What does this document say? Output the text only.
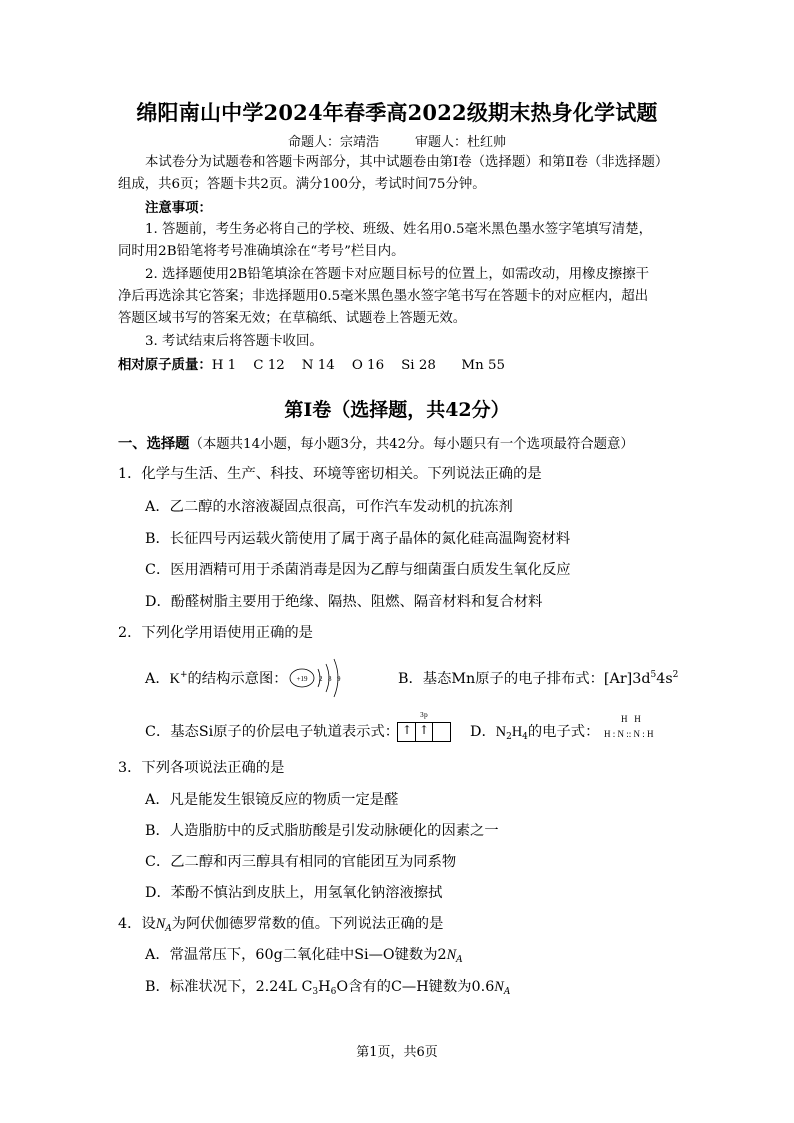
绵阳南山中学2024年春季高2022级期末热身化学试题
命题人：宗靖浩	审题人：杜红帅
本试卷分为试题卷和答题卡两部分，其中试题卷由第Ⅰ卷（选择题）和第Ⅱ卷（非选择题）
组成，共6页；答题卡共2页。满分100分，考试时间75分钟。
注意事项：
1. 答题前，考生务必将自己的学校、班级、姓名用0.5毫米黑色墨水签字笔填写清楚，
同时用2B铅笔将考号准确填涂在“考号”栏目内。
2. 选择题使用2B铅笔填涂在答题卡对应题目标号的位置上，如需改动，用橡皮擦擦干
净后再选涂其它答案；非选择题用0.5毫米黑色墨水签字笔书写在答题卡的对应框内，超出
答题区域书写的答案无效；在草稿纸、试题卷上答题无效。
3. 考试结束后将答题卡收回。
相对原子质量：H 1    C 12    N 14    O 16    Si 28      Mn 55
第Ⅰ卷（选择题，共42分）
一、选择题（本题共14小题，每小题3分，共42分。每小题只有一个选项最符合题意）
1．化学与生活、生产、科技、环境等密切相关。下列说法正确的是
A．乙二醇的水溶液凝固点很高，可作汽车发动机的抗冻剂
B．长征四号丙运载火箭使用了属于离子晶体的氮化硅高温陶瓷材料
C．医用酒精可用于杀菌消毒是因为乙醇与细菌蛋白质发生氧化反应
D．酚醛树脂主要用于绝缘、隔热、阻燃、隔音材料和复合材料
2．下列化学用语使用正确的是
A．K+的结构示意图： +19 2 8 9	B．基态Mn原子的电子排布式：$[Ar]3d^54s^2$
C．基态Si原子的价层电子轨道表示式：
3p
↑ ↑	D．$N_2H_4$的电子式：
H   H
H : N :: N : H
3．下列各项说法正确的是
A．凡是能发生银镜反应的物质一定是醛
B．人造脂肪中的反式脂肪酸是引发动脉硬化的因素之一
C．乙二醇和丙三醇具有相同的官能团互为同系物
D．苯酚不慎沾到皮肤上，用氢氧化钠溶液擦拭
4．设$N_A$为阿伏伽德罗常数的值。下列说法正确的是
A．常温常压下，60g二氧化硅中Si—O键数为$2N_A$
B．标准状况下，2.24L $C_3H_6O$含有的C—H键数为$0.6N_A$
第1页，共6页
